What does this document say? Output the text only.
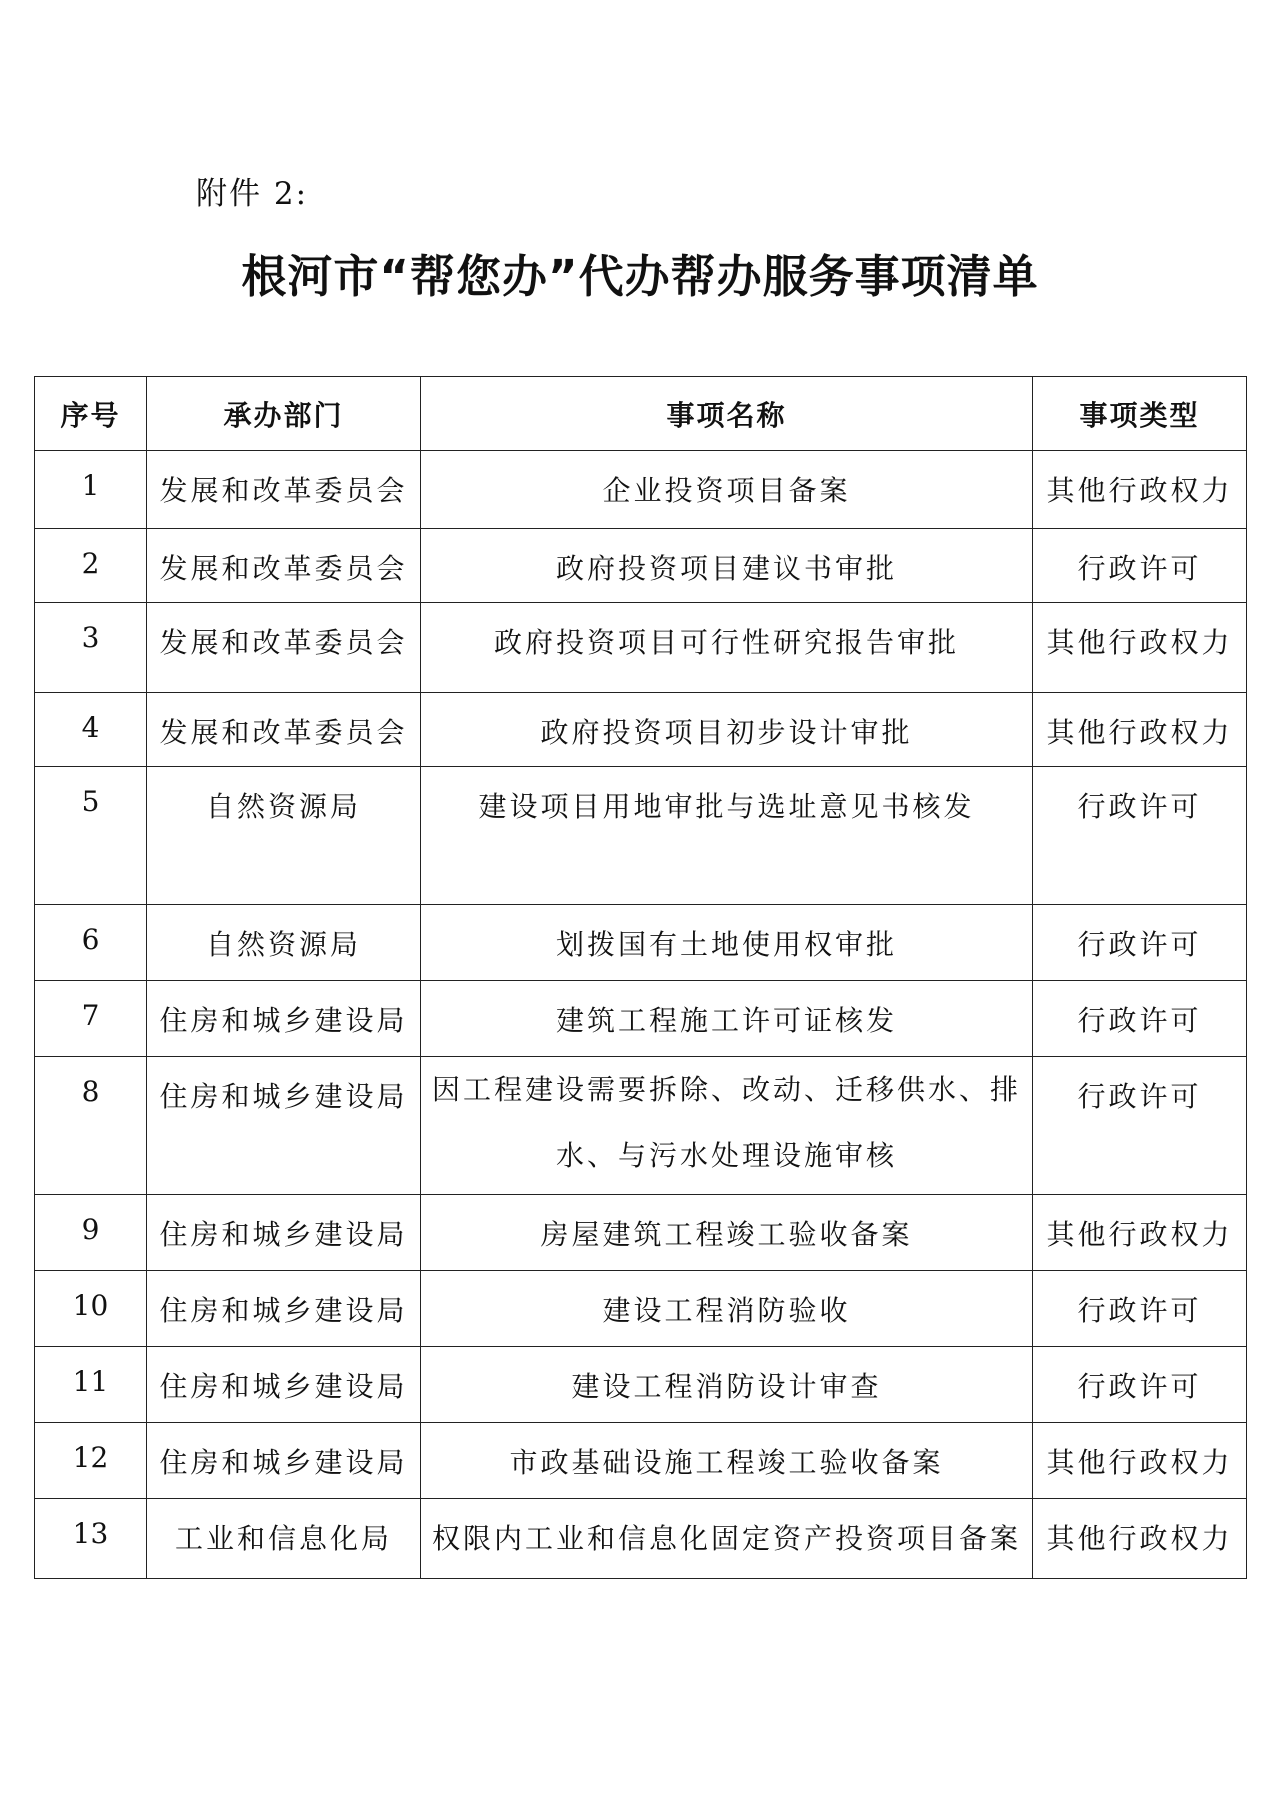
附件 2:
根河市“帮您办”代办帮办服务事项清单
序号	承办部门	事项名称	事项类型
1	发展和改革委员会	企业投资项目备案	其他行政权力
2	发展和改革委员会	政府投资项目建议书审批	行政许可
3	发展和改革委员会	政府投资项目可行性研究报告审批	其他行政权力
4	发展和改革委员会	政府投资项目初步设计审批	其他行政权力
5	自然资源局	建设项目用地审批与选址意见书核发	行政许可
6	自然资源局	划拨国有土地使用权审批	行政许可
7	住房和城乡建设局	建筑工程施工许可证核发	行政许可
8	住房和城乡建设局	因工程建设需要拆除、改动、迁移供水、排水、与污水处理设施审核	行政许可
9	住房和城乡建设局	房屋建筑工程竣工验收备案	其他行政权力
10	住房和城乡建设局	建设工程消防验收	行政许可
11	住房和城乡建设局	建设工程消防设计审查	行政许可
12	住房和城乡建设局	市政基础设施工程竣工验收备案	其他行政权力
13	工业和信息化局	权限内工业和信息化固定资产投资项目备案	其他行政权力
